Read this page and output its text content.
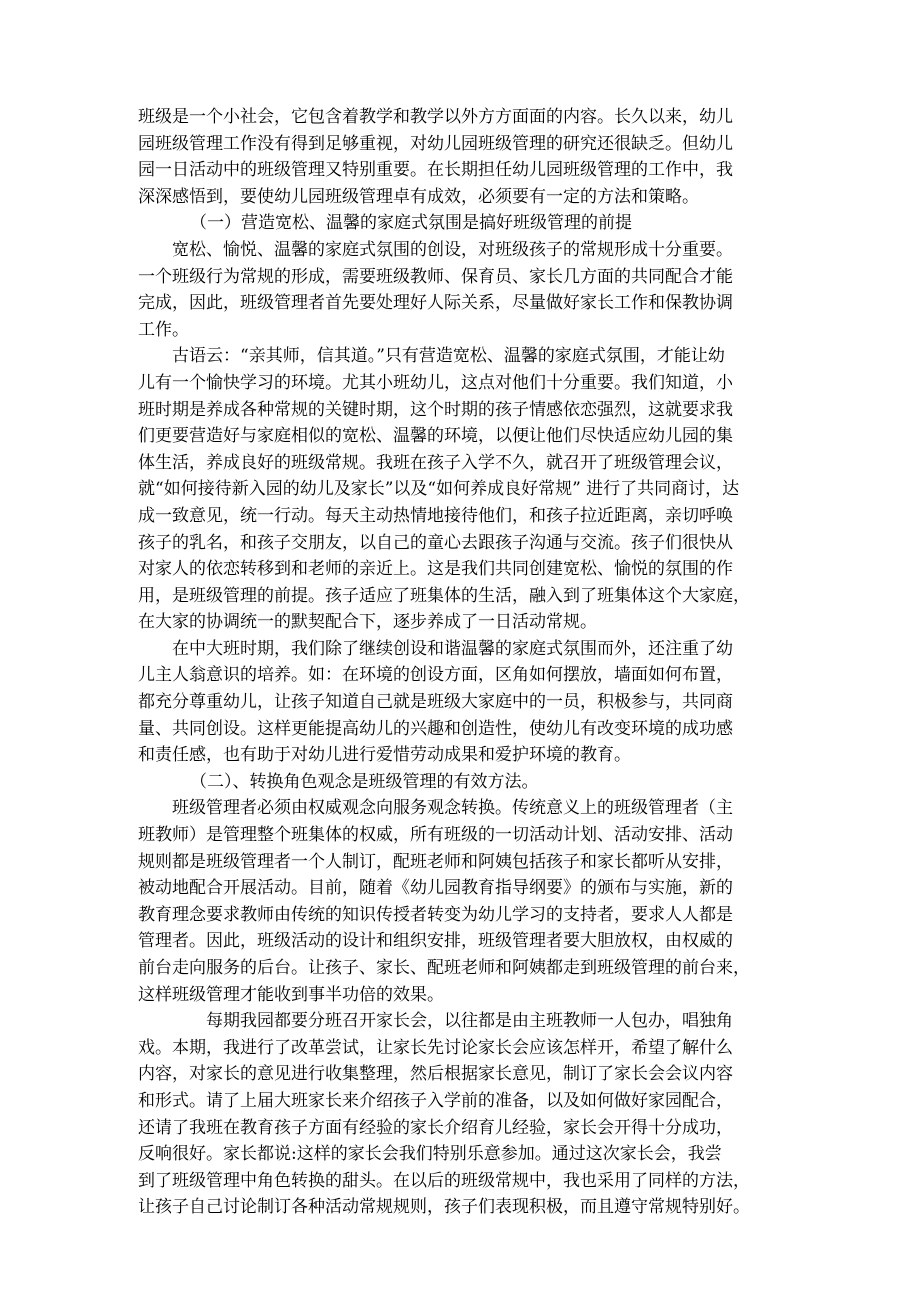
班级是一个小社会，它包含着教学和教学以外方方面面的内容。长久以来，幼儿
园班级管理工作没有得到足够重视，对幼儿园班级管理的研究还很缺乏。但幼儿
园一日活动中的班级管理又特别重要。在长期担任幼儿园班级管理的工作中，我
深深感悟到，要使幼儿园班级管理卓有成效，必须要有一定的方法和策略。
（一）营造宽松、温馨的家庭式氛围是搞好班级管理的前提
宽松、愉悦、温馨的家庭式氛围的创设，对班级孩子的常规形成十分重要。
一个班级行为常规的形成，需要班级教师、保育员、家长几方面的共同配合才能
完成，因此，班级管理者首先要处理好人际关系，尽量做好家长工作和保教协调
工作。
古语云：“亲其师，信其道。”只有营造宽松、温馨的家庭式氛围，才能让幼
儿有一个愉快学习的环境。尤其小班幼儿，这点对他们十分重要。我们知道，小
班时期是养成各种常规的关键时期，这个时期的孩子情感依恋强烈，这就要求我
们更要营造好与家庭相似的宽松、温馨的环境，以便让他们尽快适应幼儿园的集
体生活，养成良好的班级常规。我班在孩子入学不久，就召开了班级管理会议，
就“如何接待新入园的幼儿及家长”以及“如何养成良好常规” 进行了共同商讨，达
成一致意见，统一行动。每天主动热情地接待他们，和孩子拉近距离，亲切呼唤
孩子的乳名，和孩子交朋友，以自己的童心去跟孩子沟通与交流。孩子们很快从
对家人的依恋转移到和老师的亲近上。这是我们共同创建宽松、愉悦的氛围的作
用，是班级管理的前提。孩子适应了班集体的生活，融入到了班集体这个大家庭，
在大家的协调统一的默契配合下，逐步养成了一日活动常规。
在中大班时期，我们除了继续创设和谐温馨的家庭式氛围而外，还注重了幼
儿主人翁意识的培养。如：在环境的创设方面，区角如何摆放，墙面如何布置，
都充分尊重幼儿，让孩子知道自己就是班级大家庭中的一员，积极参与，共同商
量、共同创设。这样更能提高幼儿的兴趣和创造性，使幼儿有改变环境的成功感
和责任感，也有助于对幼儿进行爱惜劳动成果和爱护环境的教育。
（二）、转换角色观念是班级管理的有效方法。
班级管理者必须由权威观念向服务观念转换。传统意义上的班级管理者（主
班教师）是管理整个班集体的权威，所有班级的一切活动计划、活动安排、活动
规则都是班级管理者一个人制订，配班老师和阿姨包括孩子和家长都听从安排，
被动地配合开展活动。目前，随着《幼儿园教育指导纲要》的颁布与实施，新的
教育理念要求教师由传统的知识传授者转变为幼儿学习的支持者，要求人人都是
管理者。因此，班级活动的设计和组织安排，班级管理者要大胆放权，由权威的
前台走向服务的后台。让孩子、家长、配班老师和阿姨都走到班级管理的前台来，
这样班级管理才能收到事半功倍的效果。
每期我园都要分班召开家长会，以往都是由主班教师一人包办，唱独角
戏。本期，我进行了改革尝试，让家长先讨论家长会应该怎样开，希望了解什么
内容，对家长的意见进行收集整理，然后根据家长意见，制订了家长会会议内容
和形式。请了上届大班家长来介绍孩子入学前的准备，以及如何做好家园配合，
还请了我班在教育孩子方面有经验的家长介绍育儿经验，家长会开得十分成功，
反响很好。家长都说:这样的家长会我们特别乐意参加。通过这次家长会，我尝
到了班级管理中角色转换的甜头。在以后的班级常规中，我也采用了同样的方法，
让孩子自己讨论制订各种活动常规规则，孩子们表现积极，而且遵守常规特别好。
